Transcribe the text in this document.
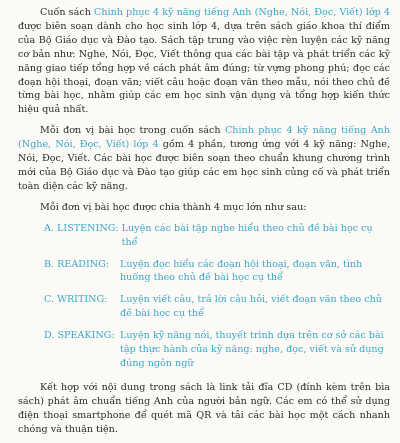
Cuốn sách Chinh phục 4 kỹ năng tiếng Anh (Nghe, Nói, Đọc, Viết) lớp 4 được biên soạn dành cho học sinh lớp 4, dựa trên sách giáo khoa thí điểm của Bộ Giáo dục và Đào tạo. Sách tập trung vào việc rèn luyện các kỹ năng cơ bản như: Nghe, Nói, Đọc, Viết thông qua các bài tập và phát triển các kỹ năng giao tiếp tổng hợp về cách phát âm đúng; từ vựng phong phú; đọc các đoạn hội thoại, đoạn văn; viết câu hoặc đoạn văn theo mẫu, nói theo chủ đề từng bài học, nhằm giúp các em học sinh vận dụng và tổng hợp kiến thức hiệu quả nhất.

Mỗi đơn vị bài học trong cuốn sách Chinh phục 4 kỹ năng tiếng Anh (Nghe, Nói, Đọc, Viết) lớp 4 gồm 4 phần, tương ứng với 4 kỹ năng: Nghe, Nói, Đọc, Viết. Các bài học được biên soạn theo chuẩn khung chương trình mới của Bộ Giáo dục và Đào tạo giúp các em học sinh củng cố và phát triển toàn diện các kỹ năng.

Mỗi đơn vị bài học được chia thành 4 mục lớn như sau:

A. LISTENING: Luyện các bài tập nghe hiểu theo chủ đề bài học cụ thể
B. READING:	Luyện đọc hiểu các đoạn hội thoại, đoạn văn, tình huống theo chủ đề bài học cụ thể
C. WRITING:	Luyện viết câu, trả lời câu hỏi, viết đoạn văn theo chủ đề bài học cụ thể
D. SPEAKING: Luyện kỹ năng nói, thuyết trình dựa trên cơ sở các bài tập thực hành của kỹ năng: nghe, đọc, viết và sử dụng đúng ngôn ngữ

Kết hợp với nội dung trong sách là link tải đĩa CD (đính kèm trên bìa sách) phát âm chuẩn tiếng Anh của người bản ngữ. Các em có thể sử dụng điện thoại smartphone để quét mã QR và tải các bài học một cách nhanh chóng và thuận tiện.
